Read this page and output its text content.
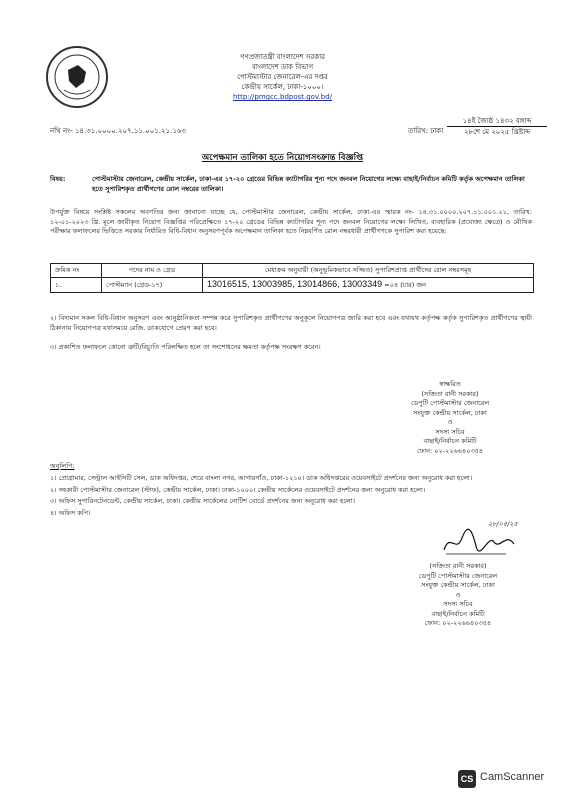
গণপ্রজাতন্ত্রী বাংলাদেশ সরকার
বাংলাদেশ ডাক বিভাগ
পোস্টমাস্টার জেনারেল-এর দপ্তর
কেন্দ্রীয় সার্কেল, ঢাকা-১০০০।
http://pmgcc.bdpost.gov.bd/
নথি নং- ১৪.৩১.০০০০.২০৭.১১.০০১.২১.১৬৩	তারিখ: ঢাকা
১৪ই জ্যৈষ্ঠ ১৪৩২ বঙ্গাব্দ
২৮শে মে ২০২৫ খ্রিষ্টাব্দ
অপেক্ষমান তালিকা হতে নিয়োগসংক্রান্ত বিজ্ঞপ্তি
বিষয়:	পোস্টমাস্টার জেনারেল, কেন্দ্রীয় সার্কেল, ঢাকা-এর ১৭-২০ গ্রেডের বিভিন্ন ক্যাটাগরির শূন্য পদে জনবল নিয়োগের লক্ষ্যে বাছাই/নির্বাচন কমিটি কর্তৃক অপেক্ষমান তালিকা হতে সুপারিশকৃত প্রার্থীগণের রোল নম্বরের তালিকা।
উপর্যুক্ত বিষয়ে সংশ্লিষ্ট সকলের অবগতির জন্য জানানো যাচ্ছে যে, পোস্টমাস্টার জেনারেল, কেন্দ্রীয় সার্কেল, ঢাকা-এর স্মারক নং- ১৪.৩১.০০০০.২০৭.১১.০০১.২১, তারিখ: ১২-০১-২০২৩ খ্রি. মূলে জারীকৃত নিয়োগ বিজ্ঞপ্তির পরিপ্রেক্ষিতে ১৭-২০ গ্রেডের বিভিন্ন ক্যাটাগরির শূন্য পদে জনবল নিয়োগের লক্ষ্যে লিখিত, ব্যবহারিক (প্রযোজ্য ক্ষেত্রে) ও মৌখিক পরীক্ষার ফলাফলের ভিত্তিতে সরকার নির্ধারিত বিধি-বিধান অনুসরণপূর্বক অপেক্ষমান তালিকা হতে নিম্নবর্ণিত রোল নম্বরধারী প্রার্থীগণকে সুপারিশ করা হয়েছে:
ক্রমিক নং	পদের নাম ও গ্রেড	মেধাক্রম অনুযায়ী (অনুভূমিকভাবে সজ্জিত) সুপারিশপ্রাপ্ত প্রার্থীদের রোল নম্বরসমূহ
১.	পোস্টম্যান (গ্রেড-১৭)	13016515, 13003985, 13014866, 13003349 =০৪ (চার) জন
২। বিদ্যমান সকল বিধি-বিধান অনুসরণ এবং আনুষ্ঠানিকতা সম্পন্ন করে সুপারিশকৃত প্রার্থীগণের অনুকূলে নিয়োগপত্র জারি করা হবে এবং যথাযথ কর্তৃপক্ষ কর্তৃক সুপারিশকৃত প্রার্থীগণের স্থায়ী ঠিকানায় নিয়োগপত্র যথাসময়ে রেজি. ডাকযোগে প্রেরণ করা হবে।
৩। প্রকাশিত ফলাফলে কোনো ত্রুটি/বিচ্যুতি পরিলক্ষিত হলে তা সংশোধনের ক্ষমতা কর্তৃপক্ষ সংরক্ষণ করেন।
স্বাক্ষরিত
(সজিতা রানী সরকার)
ডেপুটি পোস্টমাস্টার জেনারেল
সংযুক্ত কেন্দ্রীয় সার্কেল, ঢাকা
ও
সদস্য সচিব
বাছাই/নির্বাচন কমিটি
ফোন: ০২-২২৬৬৪০৩৫৪
অনুলিপি:
১। প্রোগ্রামার, সেন্ট্রাল আইসিটি সেল, ডাক অধিদপ্তর, শেরে বাংলা নগর, আগারগাঁও, ঢাকা-১২১০। ডাক অধিদপ্তরের ওয়েবসাইটে প্রদর্শনের জন্য অনুরোধ করা হলো।
২। সহকারী পোস্টমাস্টার জেনারেল (স্টাফ), কেন্দ্রীয় সার্কেল, ঢাকা। ঢাকা-১০০০। কেন্দ্রীয় সার্কেলের ওয়েবসাইটে প্রদর্শনের জন্য অনুরোধ করা হলো।
৩। অফিস সুপারিনটেনডেন্ট, কেন্দ্রীয় সার্কেল, ঢাকা। কেন্দ্রীয় সার্কেলের নোটিশ বোর্ডে প্রদর্শনের জন্য অনুরোধ করা হলো।
৪। অফিস কপি।
২৮/০৫/২৫
(সজিতা রানী সরকার)
ডেপুটি পোস্টমাস্টার জেনারেল
সংযুক্ত কেন্দ্রীয় সার্কেল, ঢাকা
ও
সদস্য সচিব
বাছাই/নির্বাচন কমিটি
ফোন: ০২-২২৬৬৪০৩৫৪
CS CamScanner
